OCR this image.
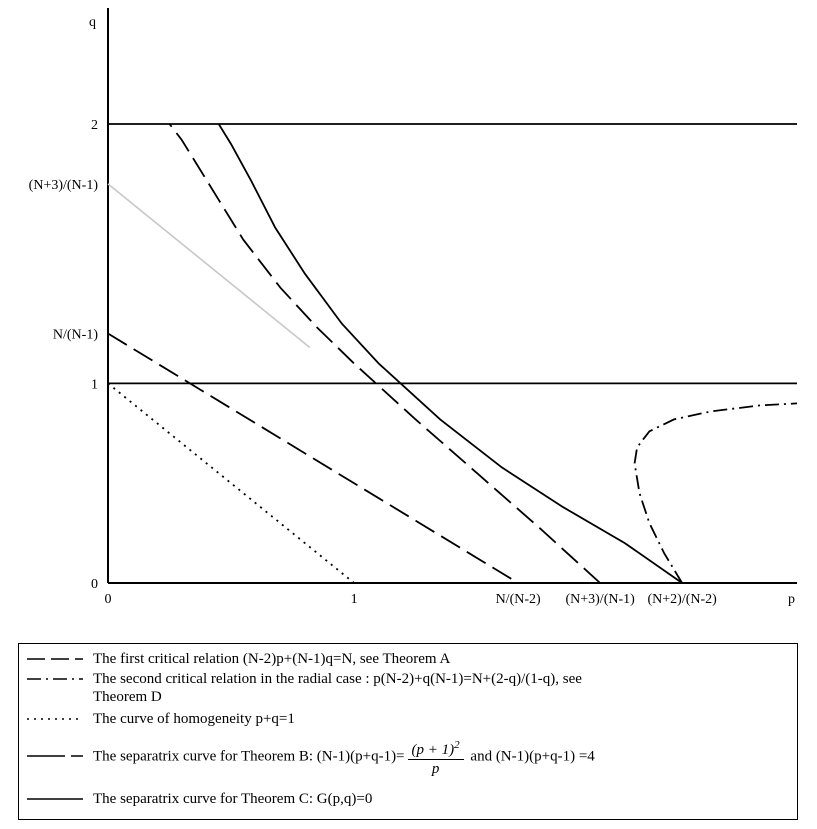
0	1	N/(N-2) (N+3)/(N-1) (N+2)/(N-2)
0
1
N/(N-1)
(N+3)/(N-1)
2
q
p
The first critical relation (N-2)p+(N-1)q=N, see Theorem A
The second critical relation in the radial case : p(N-2)+q(N-1)=N+(2-q)/(1-q), see
Theorem D
The curve of homogeneity p+q=1
The separatrix curve for Theorem B: $(N-1)(p+q-1)= \frac{(p + 1)^2}{p}$ and (N-1)(p+q-1) =4
The separatrix curve for Theorem C: G(p,q)=0
